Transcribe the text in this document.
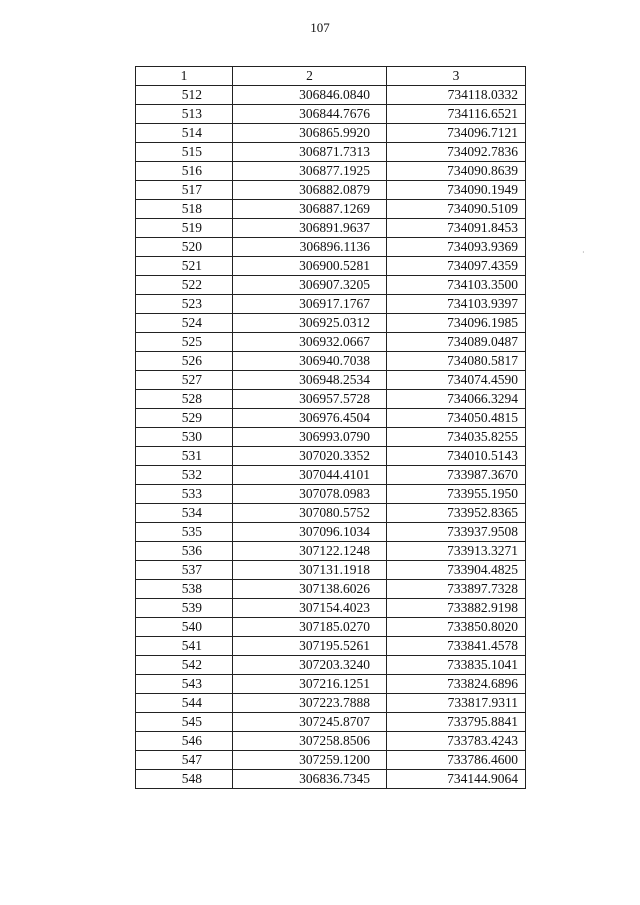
107
1	2	3
512	306846.0840	734118.0332
513	306844.7676	734116.6521
514	306865.9920	734096.7121
515	306871.7313	734092.7836
516	306877.1925	734090.8639
517	306882.0879	734090.1949
518	306887.1269	734090.5109
519	306891.9637	734091.8453
520	306896.1136	734093.9369
521	306900.5281	734097.4359
522	306907.3205	734103.3500
523	306917.1767	734103.9397
524	306925.0312	734096.1985
525	306932.0667	734089.0487
526	306940.7038	734080.5817
527	306948.2534	734074.4590
528	306957.5728	734066.3294
529	306976.4504	734050.4815
530	306993.0790	734035.8255
531	307020.3352	734010.5143
532	307044.4101	733987.3670
533	307078.0983	733955.1950
534	307080.5752	733952.8365
535	307096.1034	733937.9508
536	307122.1248	733913.3271
537	307131.1918	733904.4825
538	307138.6026	733897.7328
539	307154.4023	733882.9198
540	307185.0270	733850.8020
541	307195.5261	733841.4578
542	307203.3240	733835.1041
543	307216.1251	733824.6896
544	307223.7888	733817.9311
545	307245.8707	733795.8841
546	307258.8506	733783.4243
547	307259.1200	733786.4600
548	306836.7345	734144.9064
·
